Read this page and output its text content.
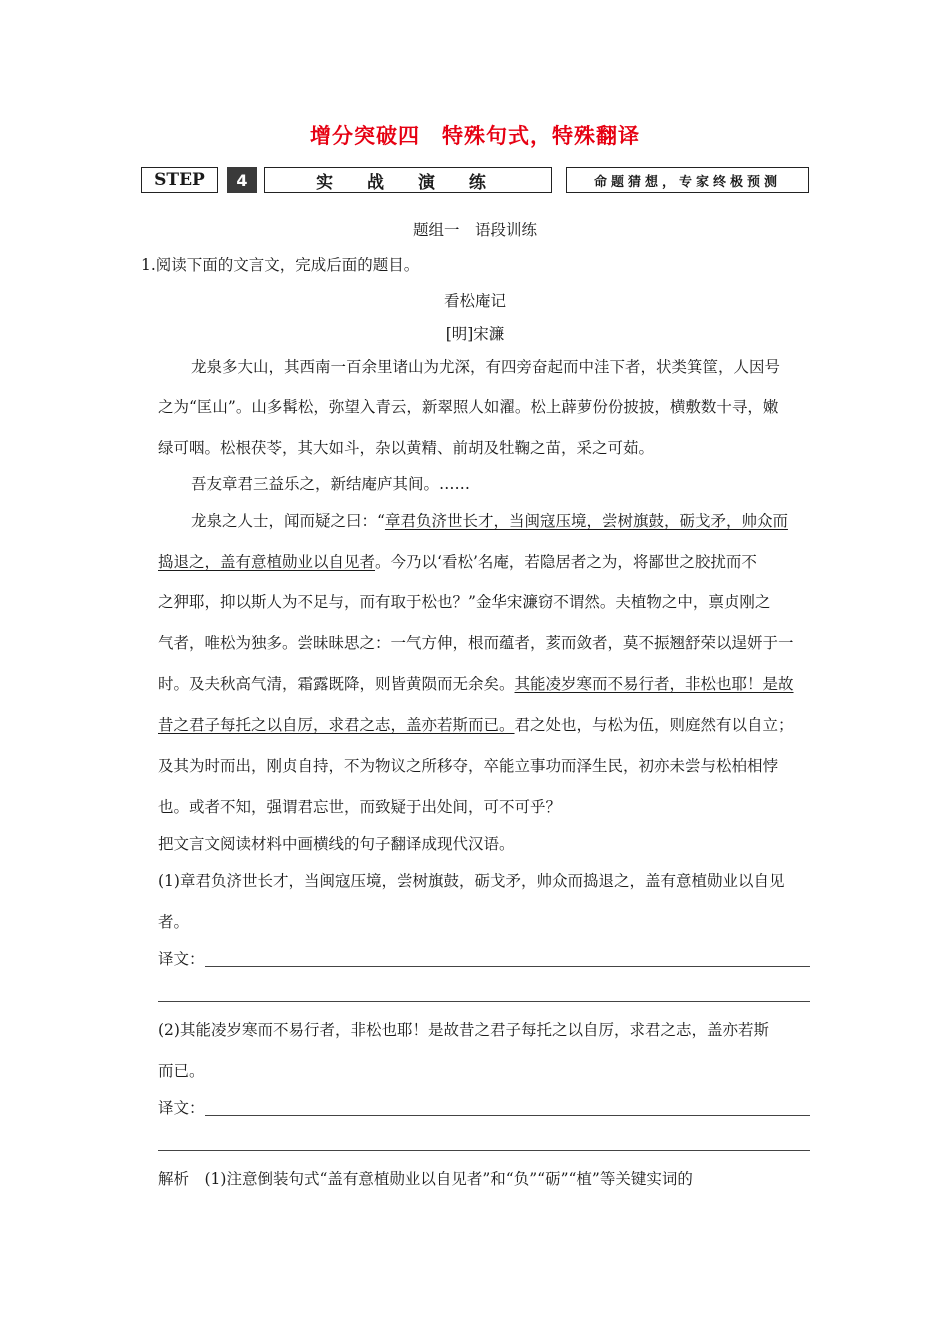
增分突破四　特殊句式，特殊翻译
STEP	4	实 战 演 练	命题猜想，专家终极预测
题组一　语段训练
1.阅读下面的文言文，完成后面的题目。
看松庵记
[明]宋濂
龙泉多大山，其西南一百余里诸山为尤深，有四旁奋起而中洼下者，状类箕筐，人因号
之为“匡山”。山多髯松，弥望入青云，新翠照人如濯。松上薜萝份份披披，横敷数十寻，嫩
绿可咽。松根茯苓，其大如斗，杂以黄精、前胡及牡鞠之苗，采之可茹。
吾友章君三益乐之，新结庵庐其间。……
龙泉之人士，闻而疑之曰：“章君负济世长才，当闽寇压境，尝树旗鼓，砺戈矛，帅众而
捣退之，盖有意植勋业以自见者。今乃以‘看松’名庵，若隐居者之为，将鄙世之胶扰而不
之狎耶，抑以斯人为不足与，而有取于松也？”金华宋濂窃不谓然。夫植物之中，禀贞刚之
气者，唯松为独多。尝昧昧思之：一气方伸，根而蕴者，荄而敛者，莫不振翘舒荣以逞妍于一
时。及夫秋高气清，霜露既降，则皆黄陨而无余矣。其能凌岁寒而不易行者，非松也耶！是故
昔之君子每托之以自厉，求君之志，盖亦若斯而已。君之处也，与松为伍，则庭然有以自立；
及其为时而出，刚贞自持，不为物议之所移夺，卒能立事功而泽生民，初亦未尝与松柏相悖
也。或者不知，强谓君忘世，而致疑于出处间，可不可乎？
把文言文阅读材料中画横线的句子翻译成现代汉语。
(1)章君负济世长才，当闽寇压境，尝树旗鼓，砺戈矛，帅众而捣退之，盖有意植勋业以自见
者。
译文：
(2)其能凌岁寒而不易行者，非松也耶！是故昔之君子每托之以自厉，求君之志，盖亦若斯
而已。
译文：
解析　(1)注意倒装句式“盖有意植勋业以自见者”和“负”“砺”“植”等关键实词的
